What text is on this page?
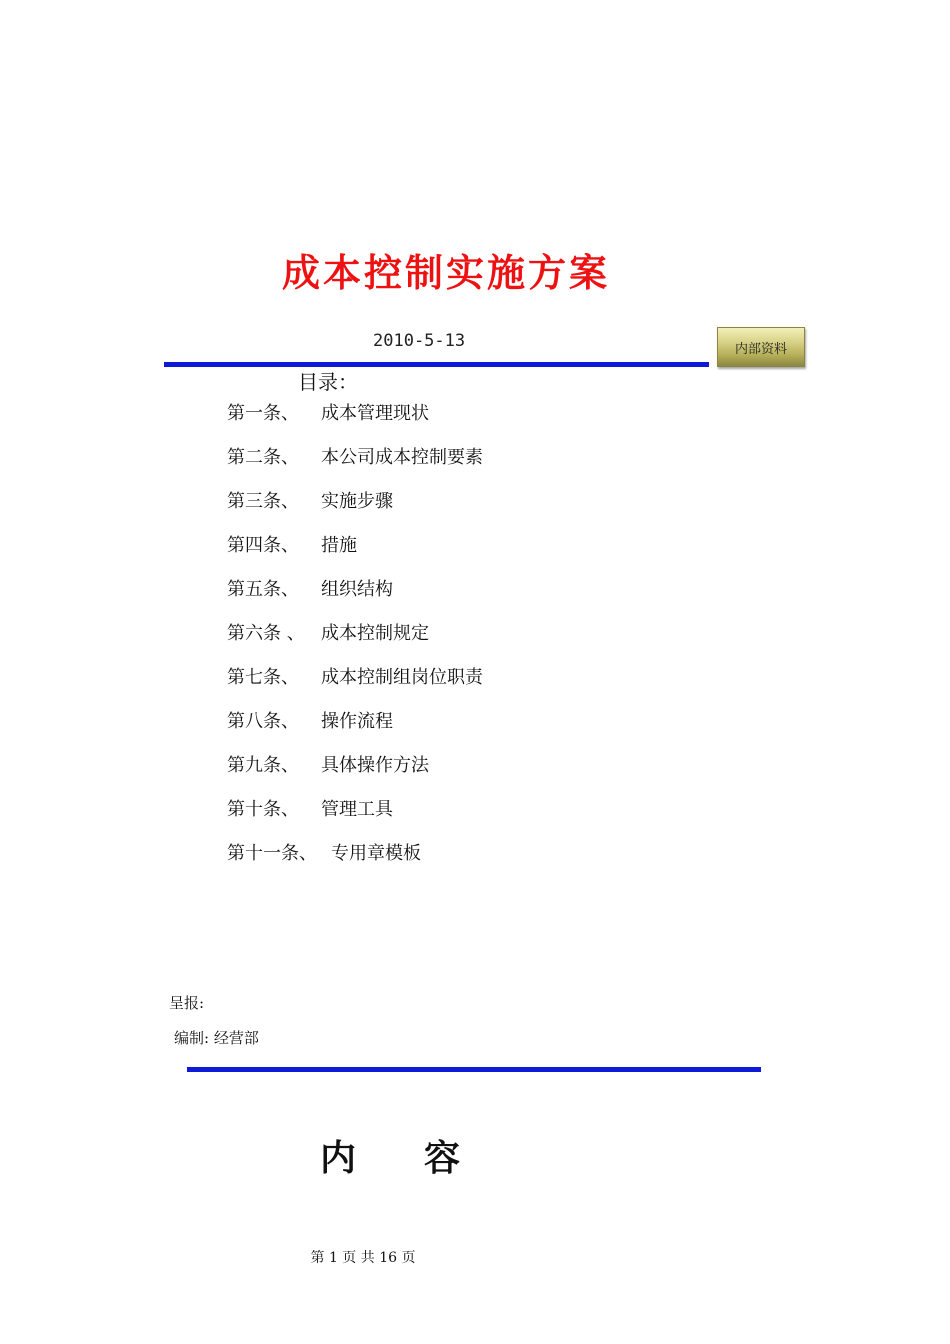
成本控制实施方案
2010-5-13	内部资料
目录：
第一条、	成本管理现状
第二条、	本公司成本控制要素
第三条、	实施步骤
第四条、	措施
第五条、	组织结构
第六条 、 成本控制规定
第七条、	成本控制组岗位职责
第八条、	操作流程
第九条、	具体操作方法
第十条、	管理工具
第十一条、 专用章模板
呈报:
编制: 经营部
内 容
第 1 页 共 16 页
